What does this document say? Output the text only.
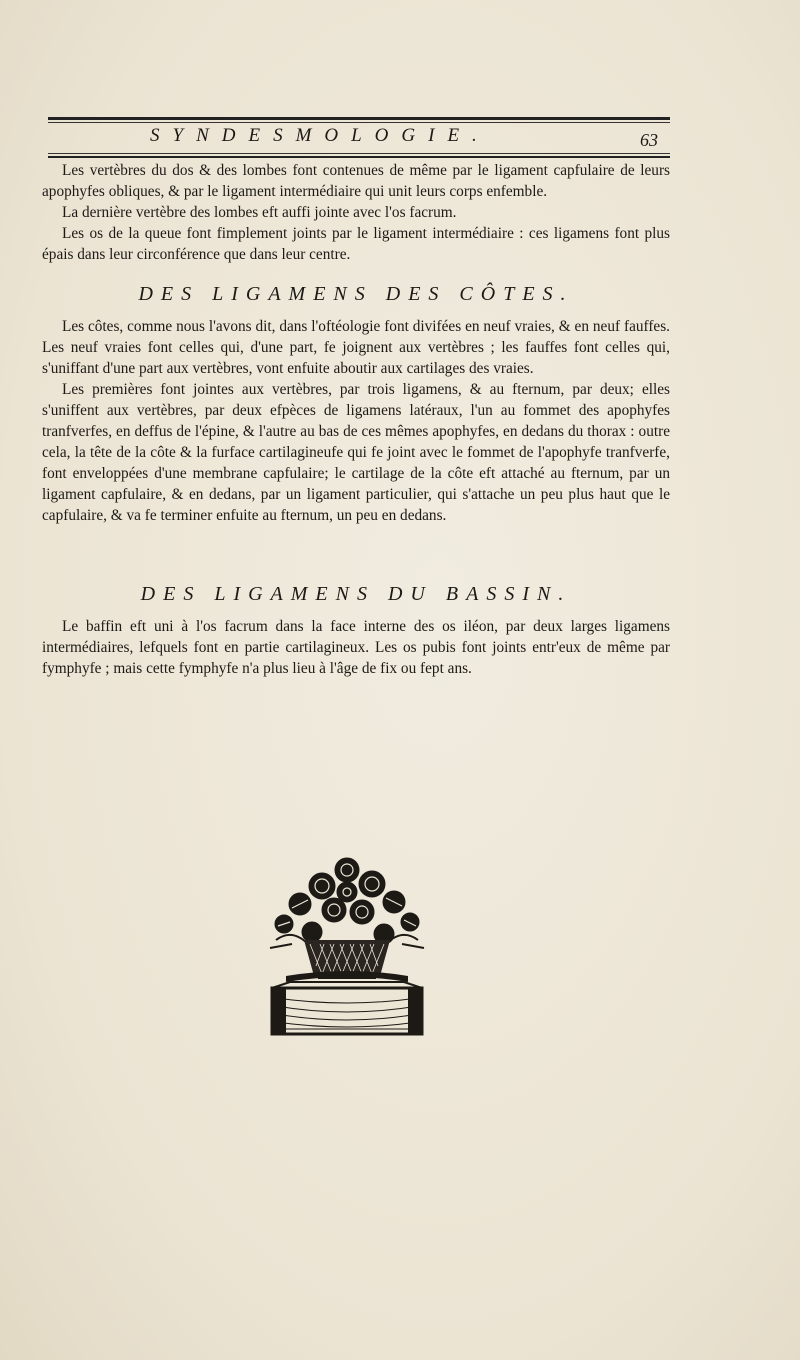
SYNDESMOLOGIE.	63

Les vertèbres du dos & des lombes font contenues de même par le ligament capfulaire de leurs apophyfes obliques, & par le ligament intermédiaire qui unit leurs corps enfemble.

La dernière vertèbre des lombes eft auffi jointe avec l'os facrum.

Les os de la queue font fimplement joints par le ligament intermédiaire : ces ligamens font plus épais dans leur circonférence que dans leur centre.

DES LIGAMENS DES CÔTES.

Les côtes, comme nous l'avons dit, dans l'oftéologie font divifées en neuf vraies, & en neuf fauffes. Les neuf vraies font celles qui, d'une part, fe joignent aux vertèbres ; les fauffes font celles qui, s'uniffant d'une part aux vertèbres, vont enfuite aboutir aux cartilages des vraies.

Les premières font jointes aux vertèbres, par trois ligamens, & au fternum, par deux; elles s'uniffent aux vertèbres, par deux efpèces de ligamens latéraux, l'un au fommet des apophyfes tranfverfes, en deffus de l'épine, & l'autre au bas de ces mêmes apophyfes, en dedans du thorax : outre cela, la tête de la côte & la furface cartilagineufe qui fe joint avec le fommet de l'apophyfe tranfverfe, font enveloppées d'une membrane capfulaire; le cartilage de la côte eft attaché au fternum, par un ligament capfulaire, & en dedans, par un ligament particulier, qui s'attache un peu plus haut que le capfulaire, & va fe terminer enfuite au fternum, un peu en dedans.

DES LIGAMENS DU BASSIN.

Le baffin eft uni à l'os facrum dans la face interne des os iléon, par deux larges ligamens intermédiaires, lefquels font en partie cartilagineux. Les os pubis font joints entr'eux de même par fymphyfe ; mais cette fymphyfe n'a plus lieu à l'âge de fix ou fept ans.
